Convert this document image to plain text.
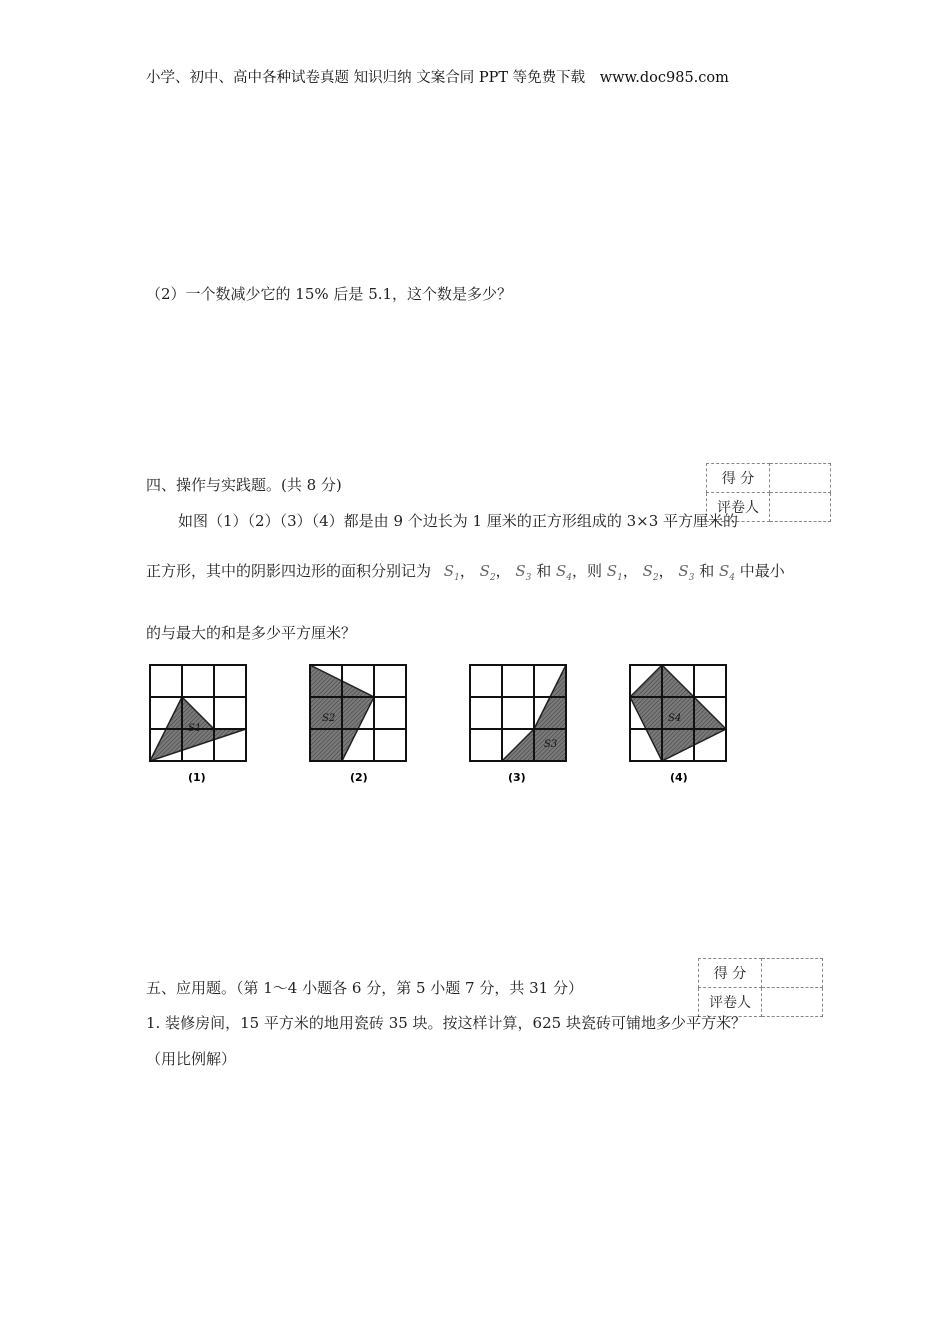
小学、初中、高中各种试卷真题 知识归纳 文案合同 PPT 等免费下载 www.doc985.com
（2）一个数减少它的 15% 后是 5.1，这个数是多少？
四、操作与实践题。(共 8 分)	得 分	
评卷人	
如图（1）（2）（3）（4）都是由 9 个边长为 1 厘米的正方形组成的 3×3 平方厘米的
正方形，其中的阴影四边形的面积分别记为 $S_1$， $S_2$， $S_3$ 和 $S_4$，则 $S_1$， $S_2$， $S_3$ 和 $S_4$ 中最小
的与最大的和是多少平方厘米？
S1
(1)
S2
(2)
S3
(3)
S4
(4)
五、应用题。（第 1～4 小题各 6 分，第 5 小题 7 分，共 31 分）
得 分	
评卷人	
1. 装修房间，15 平方米的地用瓷砖 35 块。按这样计算，625 块瓷砖可铺地多少平方米？
（用比例解）
